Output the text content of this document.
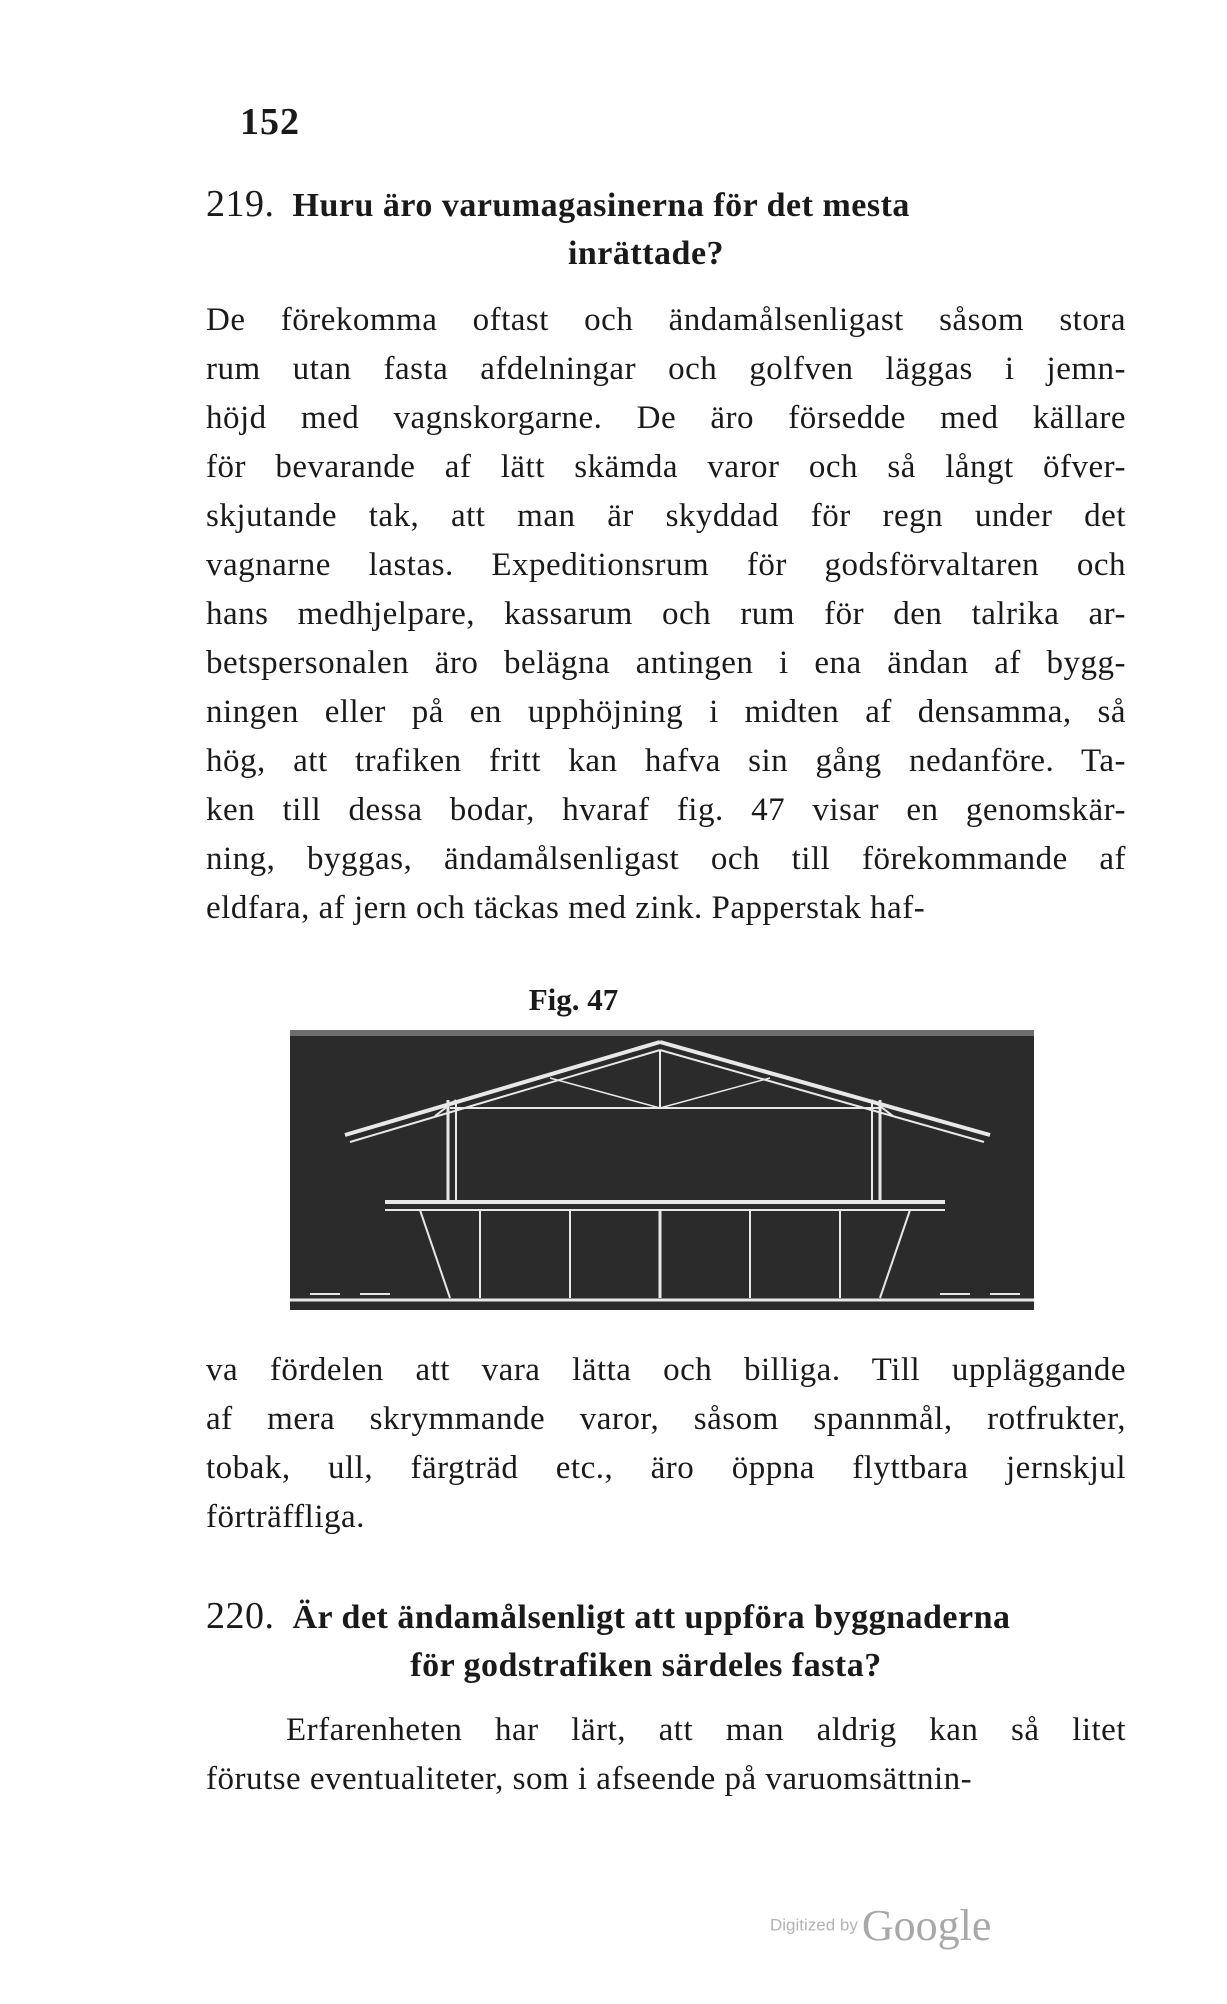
152
219. Huru äro varumagasinerna för det mesta
inrättade?
De förekomma oftast och ändamålsenligast såsom stora
rum utan fasta afdelningar och golfven läggas i jemn-
höjd med vagnskorgarne. De äro försedde med källare
för bevarande af lätt skämda varor och så långt öfver-
skjutande tak, att man är skyddad för regn under det
vagnarne lastas. Expeditionsrum för godsförvaltaren och
hans medhjelpare, kassarum och rum för den talrika ar-
betspersonalen äro belägna antingen i ena ändan af bygg-
ningen eller på en upphöjning i midten af densamma, så
hög, att trafiken fritt kan hafva sin gång nedanföre. Ta-
ken till dessa bodar, hvaraf fig. 47 visar en genomskär-
ning, byggas, ändamålsenligast och till förekommande af
eldfara, af jern och täckas med zink. Papperstak haf-
Fig. 47
va fördelen att vara lätta och billiga. Till uppläggande
af mera skrymmande varor, såsom spannmål, rotfrukter,
tobak, ull, färgträd etc., äro öppna flyttbara jernskjul
förträffliga.
220. Är det ändamålsenligt att uppföra byggnaderna
för godstrafiken särdeles fasta?
Erfarenheten har lärt, att man aldrig kan så litet
förutse eventualiteter, som i afseende på varuomsättnin-
Digitized byGoogle
